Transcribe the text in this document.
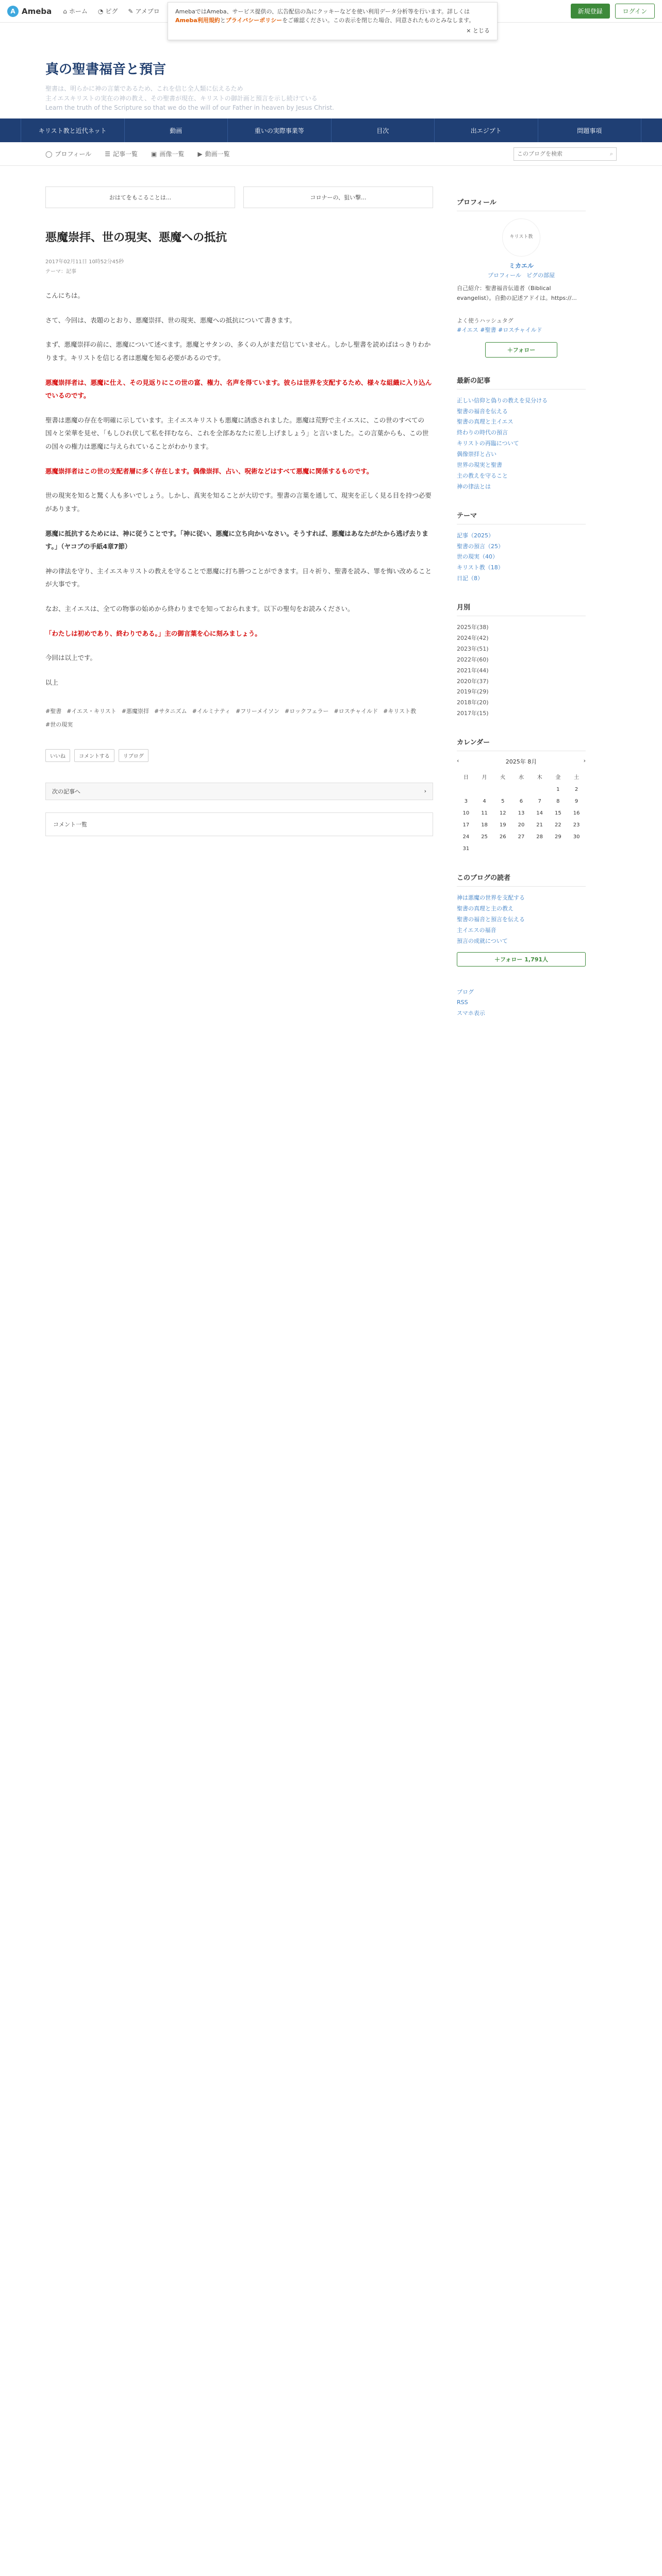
A Ameba ⌂ ホーム ◔ ピグ ✎ アメブロ	新規登録	ログイン
AmebaではAmeba、サービス提供の、広告配信の為にクッキーなどを使い利用データ分析等を行います。詳しくはAmeba利用規約とプライバシーポリシーをご確認ください。この表示を閉じた場合、同意されたものとみなします。
× とじる
真の聖書福音と預言
聖書は、明らかに神の言葉であるため、これを信じ全人類に伝えるため
主イエスキリストの実在の神の教え、その聖書が現在、キリストの御計画と預言を示し続けている
Learn the truth of the Scripture so that we do the will of our Father in heaven by Jesus Christ.
キリスト教と近代ネット	動画	重いの実際事業等	目次	出エジプト	問題事項
◯ プロフィール ☰ 記事一覧 ▣ 画像一覧 ▶ 動画一覧
このブログを検索	⌕
おはてをもこることは...	コロナーの、狙い撃...
悪魔崇拝、世の現実、悪魔への抵抗
2017年02月11日 10時52分45秒
テーマ：記事

こんにちは。

さて、今回は、表題のとおり、悪魔崇拝、世の現実、悪魔への抵抗について書きます。

まず、悪魔崇拝の前に、悪魔について述べます。悪魔とサタンの、多くの人がまだ信じていません。しかし聖書を読めばはっきりわかります。キリストを信じる者は悪魔を知る必要があるのです。

悪魔崇拝者は、悪魔に仕え、その見返りにこの世の富、権力、名声を得ています。彼らは世界を支配するため、様々な組織に入り込んでいるのです。

聖書は悪魔の存在を明確に示しています。主イエスキリストも悪魔に誘惑されました。悪魔は荒野で主イエスに、この世のすべての国々と栄華を見せ、「もしひれ伏して私を拝むなら、これを全部あなたに差し上げましょう」と言いました。この言葉からも、この世の国々の権力は悪魔に与えられていることがわかります。

悪魔崇拝者はこの世の支配者層に多く存在します。偶像崇拝、占い、呪術などはすべて悪魔に関係するものです。

世の現実を知ると驚く人も多いでしょう。しかし、真実を知ることが大切です。聖書の言葉を通して、現実を正しく見る目を持つ必要があります。

悪魔に抵抗するためには、神に従うことです。「神に従い、悪魔に立ち向かいなさい。そうすれば、悪魔はあなたがたから逃げ去ります。」（ヤコブの手紙4章7節）

神の律法を守り、主イエスキリストの教えを守ることで悪魔に打ち勝つことができます。日々祈り、聖書を読み、罪を悔い改めることが大事です。

なお、主イエスは、全ての物事の始めから終わりまでを知っておられます。以下の聖句をお読みください。

「わたしは初めであり、終わりである。」主の御言葉を心に刻みましょう。

今回は以上です。

以上

#聖書 #イエス・キリスト #悪魔崇拝 #サタニズム #イルミナティ #フリーメイソン #ロックフェラー #ロスチャイルド #キリスト教
#世の現実
いいね	コメントする	リブログ
次の記事へ	›
コメント一覧
プロフィール
キリスト教
ミカエル
プロフィール ピグの部屋
自己紹介：聖書福音伝道者（Biblical evangelist）。自動の記述アドイは。https://...
よく使うハッシュタグ
#イエス #聖書 #ロスチャイルド
＋フォロー
最新の記事
正しい信仰と偽りの教えを見分ける
聖書の福音を伝える
聖書の真理と主イエス
終わりの時代の預言
キリストの再臨について
偶像崇拝と占い
世界の現実と聖書
主の教えを守ること
神の律法とは
テーマ
記事（2025）
聖書の預言（25）
世の現実（40）
キリスト教（18）
日記（8）
月別
2025年(38)
2024年(42)
2023年(51)
2022年(60)
2021年(44)
2020年(37)
2019年(29)
2018年(20)
2017年(15)
カレンダー
‹	2025年 8月	›
日	月	火	水	木	金	土
					1	2
3	4	5	6	7	8	9
10	11	12	13	14	15	16
17	18	19	20	21	22	23
24	25	26	27	28	29	30
31						
このブログの読者
神は悪魔の世界を支配する
聖書の真理と主の教え
聖書の福音と預言を伝える
主イエスの福音
預言の成就について
＋フォロー 1,791人
ブログ
RSS
スマホ表示
